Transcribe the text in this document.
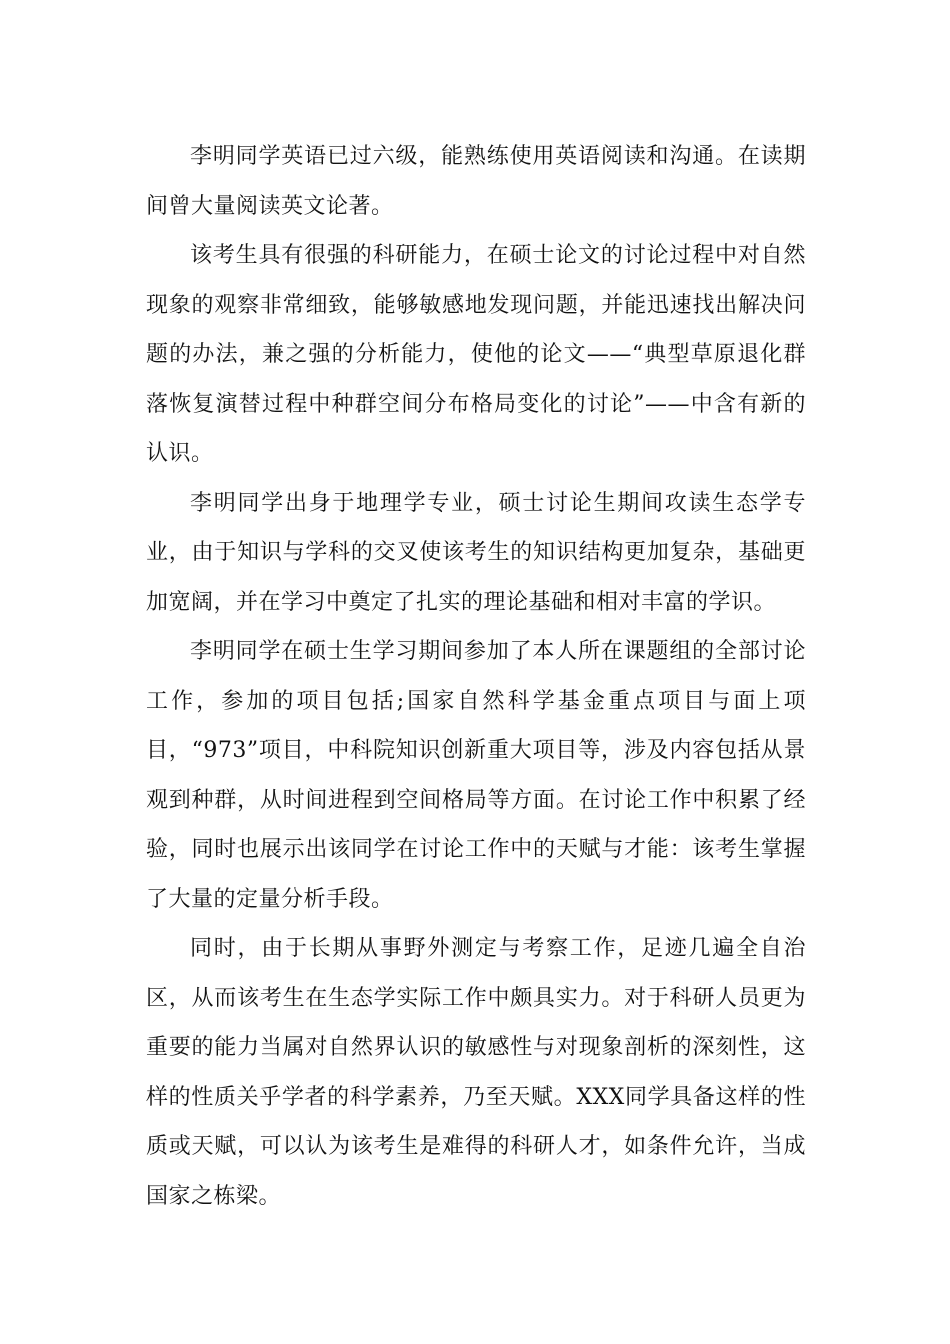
李明同学英语已过六级，能熟练使用英语阅读和沟通。在读期间曾大量阅读英文论著。

该考生具有很强的科研能力，在硕士论文的讨论过程中对自然现象的观察非常细致，能够敏感地发现问题，并能迅速找出解决问题的办法，兼之强的分析能力，使他的论文——“典型草原退化群落恢复演替过程中种群空间分布格局变化的讨论”——中含有新的认识。

李明同学出身于地理学专业，硕士讨论生期间攻读生态学专业，由于知识与学科的交叉使该考生的知识结构更加复杂，基础更加宽阔，并在学习中奠定了扎实的理论基础和相对丰富的学识。

李明同学在硕士生学习期间参加了本人所在课题组的全部讨论工作，参加的项目包括;国家自然科学基金重点项目与面上项目，“973”项目，中科院知识创新重大项目等，涉及内容包括从景观到种群，从时间进程到空间格局等方面。在讨论工作中积累了经验，同时也展示出该同学在讨论工作中的天赋与才能：该考生掌握了大量的定量分析手段。

同时，由于长期从事野外测定与考察工作，足迹几遍全自治区，从而该考生在生态学实际工作中颇具实力。对于科研人员更为重要的能力当属对自然界认识的敏感性与对现象剖析的深刻性，这样的性质关乎学者的科学素养，乃至天赋。XXX同学具备这样的性质或天赋，可以认为该考生是难得的科研人才，如条件允许，当成国家之栋梁。
